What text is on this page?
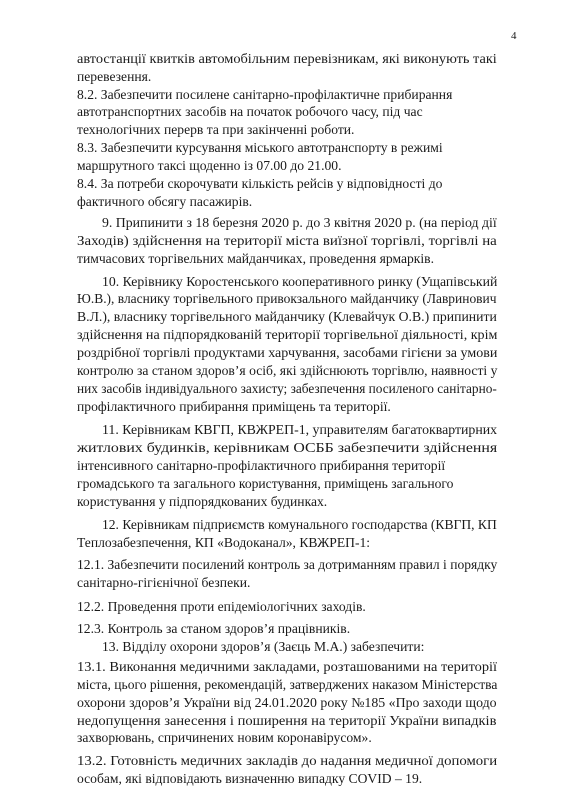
4
автостанції квитків автомобільним перевізникам, які виконують такі
перевезення.
8.2. Забезпечити посилене санітарно-профілактичне прибирання
автотранспортних засобів на початок робочого часу, під час
технологічних перерв та при закінченні роботи.
8.3. Забезпечити курсування міського автотранспорту в режимі
маршрутного таксі щоденно із 07.00 до 21.00.
8.4. За потреби скорочувати кількість рейсів у відповідності до
фактичного обсягу пасажирів.
9. Припинити з 18 березня 2020 р. до 3 квітня 2020 р. (на період дії
Заходів) здійснення на території міста виїзної торгівлі, торгівлі на
тимчасових торгівельних майданчиках, проведення ярмарків.
10. Керівнику Коростенського кооперативного ринку (Ущапівський
Ю.В.), власнику торгівельного привокзального майданчику (Лавринович
В.Л.), власнику торгівельного майданчику (Клевайчук О.В.) припинити
здійснення на підпорядкованій території торгівельної діяльності, крім
роздрібної торгівлі продуктами харчування, засобами гігієни за умови
контролю за станом здоров’я осіб, які здійснюють торгівлю, наявності у
них засобів індивідуального захисту; забезпечення посиленого санітарно-
профілактичного прибирання приміщень та території.
11. Керівникам КВГП, КВЖРЕП-1, управителям багатоквартирних
житлових будинків, керівникам ОСББ забезпечити здійснення
інтенсивного санітарно-профілактичного прибирання території
громадського та загального користування, приміщень загального
користування у підпорядкованих будинках.
12. Керівникам підприємств комунального господарства (КВГП, КП
Теплозабезпечення, КП «Водоканал», КВЖРЕП-1:
12.1. Забезпечити посилений контроль за дотриманням правил і порядку
санітарно-гігієнічної безпеки.
12.2. Проведення проти епідеміологічних заходів.
12.3. Контроль за станом здоров’я працівників.
13. Відділу охорони здоров’я (Заєць М.А.) забезпечити:
13.1. Виконання медичними закладами, розташованими на території
міста, цього рішення, рекомендацій, затверджених наказом Міністерства
охорони здоров’я України від 24.01.2020 року №185 «Про заходи щодо
недопущення занесення і поширення на території України випадків
захворювань, спричинених новим коронавірусом».
13.2. Готовність медичних закладів до надання медичної допомоги
особам, які відповідають визначенню випадку COVID – 19.
